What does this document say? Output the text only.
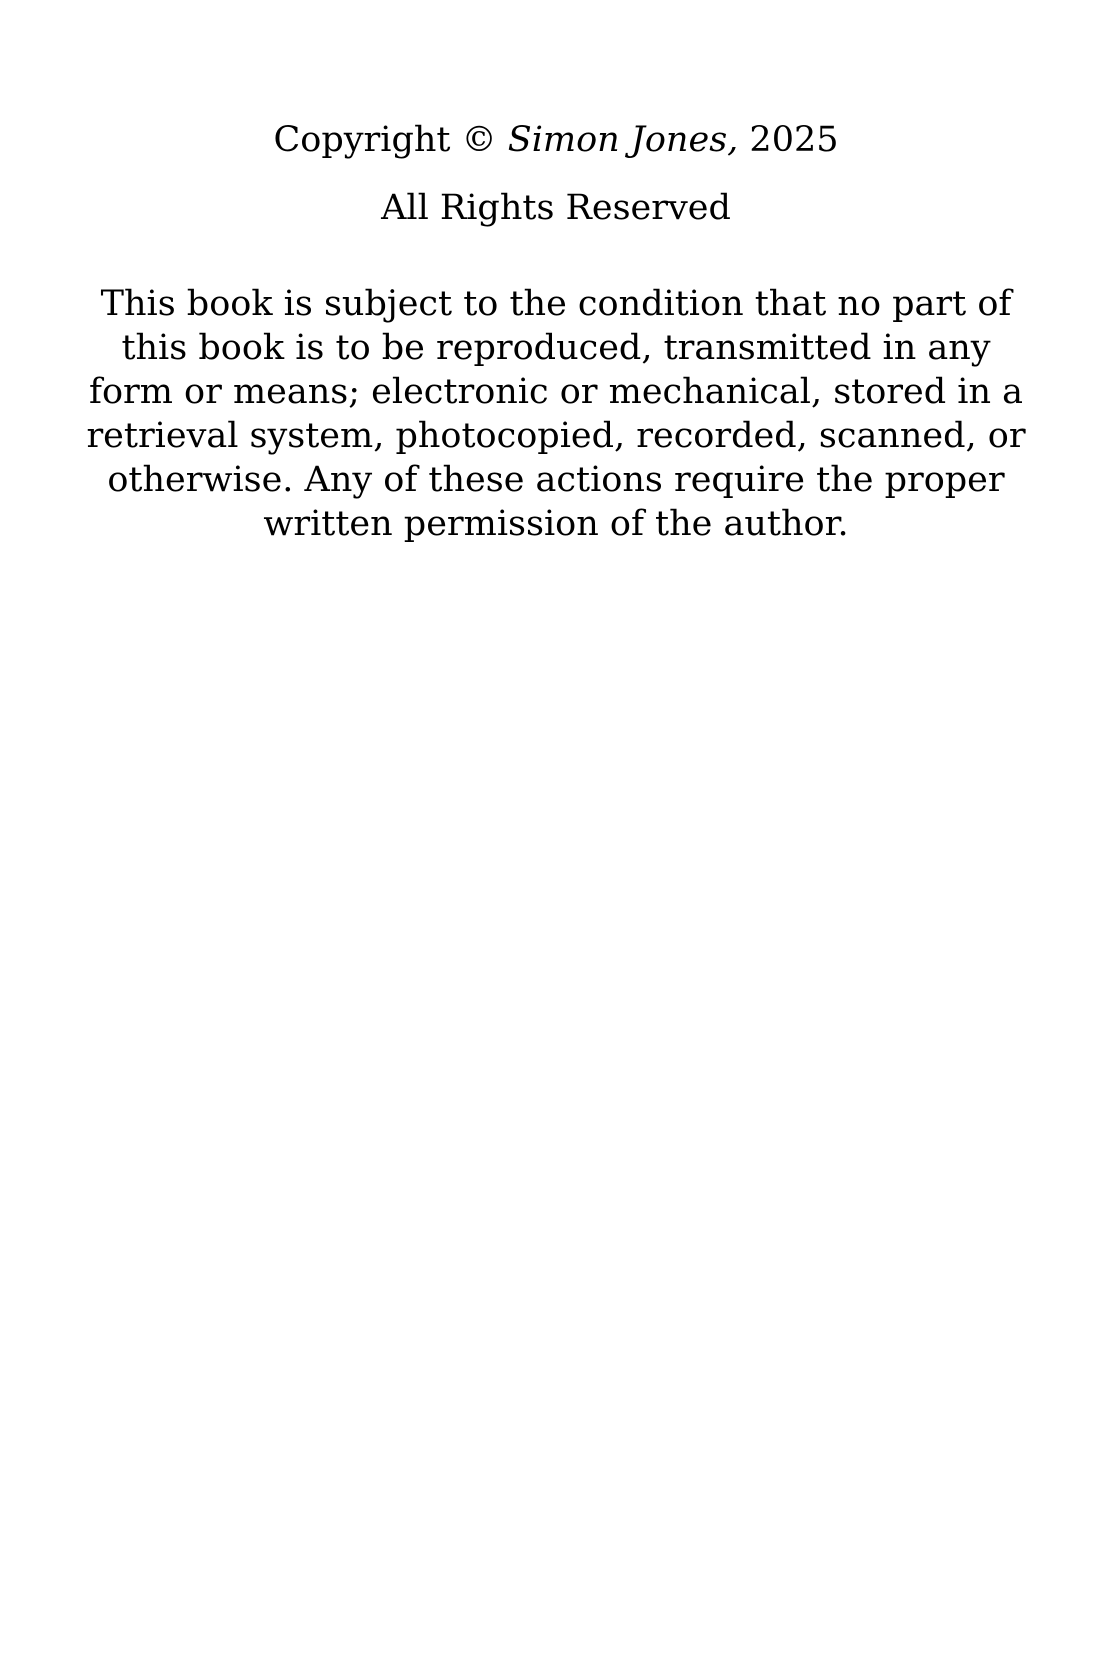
Copyright © Simon Jones, 2025

All Rights Reserved

This book is subject to the condition that no part of this book is to be reproduced, transmitted in any form or means; electronic or mechanical, stored in a retrieval system, photocopied, recorded, scanned, or otherwise. Any of these actions require the proper written permission of the author.
